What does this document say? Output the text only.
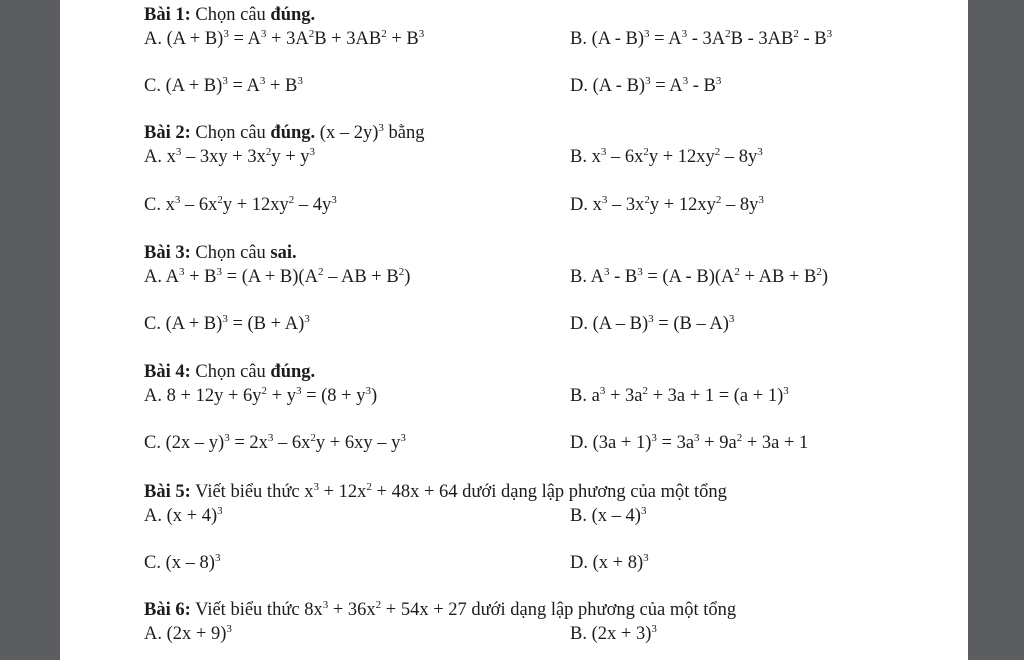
Bài 1: Chọn câu đúng.
A. $(A + B)^3 = A^3 + 3A^2B + 3AB^2 + B^3$	B. $(A - B)^3 = A^3 - 3A^2B - 3AB^2 - B^3$
C. $(A + B)^3 = A^3 + B^3$	D. $(A - B)^3 = A^3 - B^3$
Bài 2: Chọn câu đúng. (x – 2y)$^3$ bằng
A. $x^3 - 3xy + 3x^2y + y^3$	B. $x^3 - 6x^2y + 12xy^2 - 8y^3$
C. $x^3 - 6x^2y + 12xy^2 - 4y^3$	D. $x^3 - 3x^2y + 12xy^2 - 8y^3$
Bài 3: Chọn câu sai.
A. $A^3 + B^3 = (A + B)(A^2$ – AB + $B^2$)	B. $A^3 - B^3 = (A - B)(A^2$ + AB + $B^2$)
C. $(A + B)^3 = (B + A)^3$	D. (A – B)$^3$ = (B – A)$^3$
Bài 4: Chọn câu đúng.
A. $8 + 12y + 6y^2 + y^3 = (8 + y^3)$	B. $a^3 + 3a^2 + 3a + 1 = (a + 1)^3$
C. $(2x - y)^3 = 2x^3 - 6x^2y + 6xy - y^3$	D. $(3a + 1)^3 = 3a^3 + 9a^2 + 3a + 1$
Bài 5: Viết biểu thức $x^3 + 12x^2 + 48x + 64$ dưới dạng lập phương của một tổng
A. $(x + 4)^3$	B. (x – 4)$^3$
C. (x – 8)$^3$	D. $(x + 8)^3$
Bài 6: Viết biểu thức $8x^3 + 36x^2 + 54x + 27$ dưới dạng lập phương của một tổng
A. $(2x + 9)^3$	B. $(2x + 3)^3$
